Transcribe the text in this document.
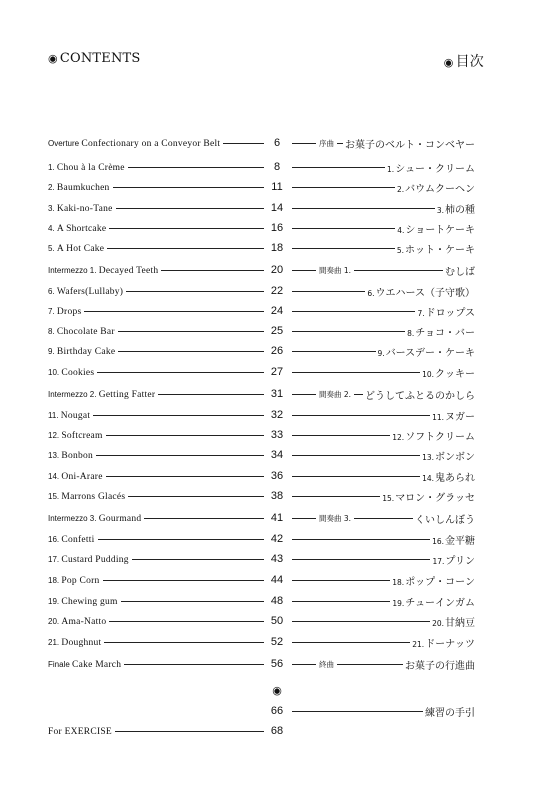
◉ CONTENTS	◉ 目次
Overture Confectionary on a Conveyor Belt	6	序曲 お菓子のベルト・コンベヤー
1. Chou à la Crème	8	1.シュー・クリーム
2. Baumkuchen	11	2.バウムクーヘン
3. Kaki-no-Tane	14	3.柿の種
4. A Shortcake	16	4.ショートケーキ
5. A Hot Cake	18	5.ホット・ケーキ
Intermezzo 1. Decayed Teeth	20	間奏曲 1.	むしば
6. Wafers(Lullaby)	22	6.ウエハース（子守歌）
7. Drops	24	7.ドロップス
8. Chocolate Bar	25	8.チョコ・バー
9. Birthday Cake	26	9.バースデー・ケーキ
10. Cookies	27	10.クッキー
Intermezzo 2. Getting Fatter	31	間奏曲 2. どうしてふとるのかしら
11. Nougat	32	11.ヌガー
12. Softcream	33	12.ソフトクリーム
13. Bonbon	34	13.ボンボン
14. Oni-Arare	36	14.鬼あられ
15. Marrons Glacés	38	15.マロン・グラッセ
Intermezzo 3. Gourmand	41	間奏曲 3.	くいしんぼう
16. Confetti	42	16.金平糖
17. Custard Pudding	43	17.プリン
18. Pop Corn	44	18.ポップ・コーン
19. Chewing gum	48	19.チューインガム
20. Ama-Natto	50	20.甘納豆
21. Doughnut	52	21.ドーナッツ
Finale Cake March	56	終曲	お菓子の行進曲
66	練習の手引
For EXERCISE	68
◉
